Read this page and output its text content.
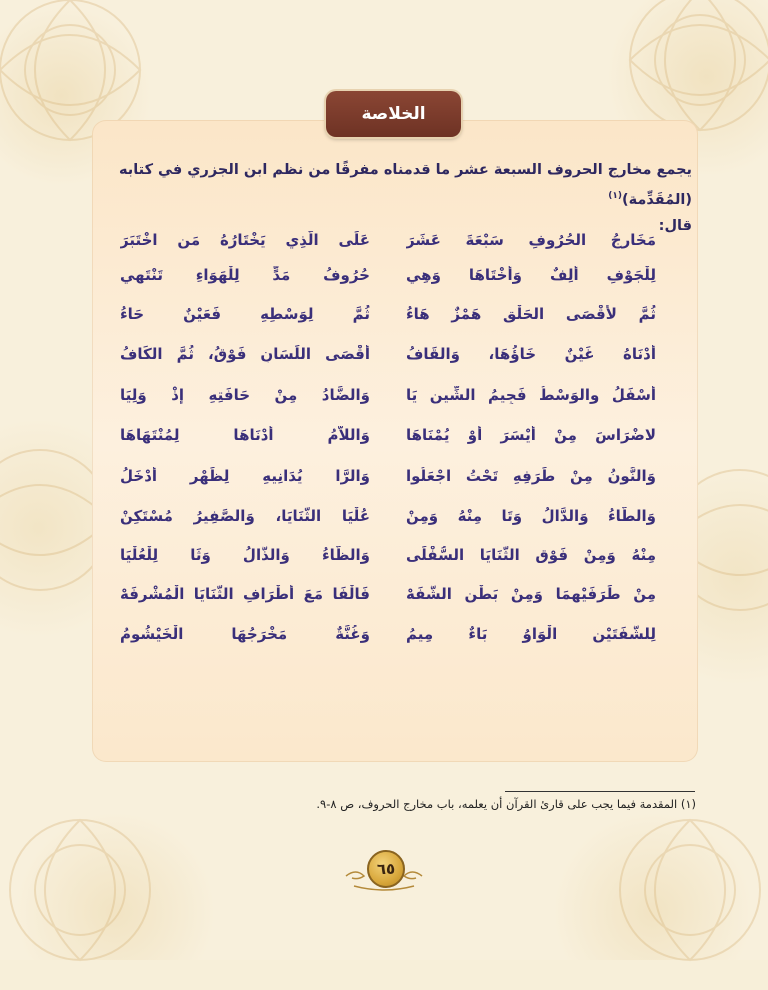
الخلاصة
يجمع مخارج الحروف السبعة عشر ما قدمناه مفرقًا من نظم ابن الجزري في كتابه (المُقَدِّمة)$^{(١)}$
قال:
مَخَارِجُ الحُرُوفِ سَبْعَةَ عَشَرَ
عَلَى الَّذِي يَخْتَارُهُ مَنِ اخْتَبَرَ
لِلْجَوْفِ أَلِفٌ وَأُخْتَاهَا وَهِي
حُرُوفُ مَدٍّ لِلْهَوَاءِ تَنْتَهِي
ثُمَّ لأَقْصَى الحَلْقِ هَمْزٌ هَاءُ
ثُمَّ لِوَسْطِهِ فَعَيْنٌ حَاءُ
أَدْنَاهُ غَيْنٌ خَاؤُهَا، وَالقَافُ
أَقْصَى اللِّسَانِ فَوْقُ، ثُمَّ الكَافُ
أَسْفَلُ والوَسْطُ فَجِيمُ الشِّينِ يَا
وَالضَّادُ مِنْ حَافَتِهِ إِذْ وَلِيَا
لاضْرَاسَ مِنْ أَيْسَرَ أَوْ يُمْنَاهَا
وَاللاَّمُ أَدْنَاهَا لِمُنْتَهَاهَا
وَالنُّونُ مِنْ طَرَفِهِ تَحْتُ اجْعَلُوا
وَالرَّا يُدَانِيهِ لِظَهْرٍ أَدْخَلُ
وَالطَّاءُ وَالدَّالُ وَتَا مِنْهُ وَمِنْ
عُلْيَا الثَّنَايَا، وَالصَّفِيرُ مُسْتَكِنْ
مِنْهُ وَمِنْ فَوْقِ الثَّنَايَا السُّفْلَى
وَالظَّاءُ وَالذَّالُ وَثَا لِلْعُلْيَا
مِنْ طَرَفَيْهِمَا وَمِنْ بَطْنِ الشَّفَهْ
فَالْفَا مَعَ أَطْرَافِ الثَّنَايَا الْمُشْرِفَهْ
لِلشَّفَتَيْنِ الْوَاوُ بَاءٌ مِيمُ
وَغُنَّةٌ مَخْرَجُهَا الْخَيْشُومُ
(١) المقدمة فيما يجب على قارئ القرآن أن يعلمه، باب مخارج الحروف، ص ٨-٩.
٦٥
